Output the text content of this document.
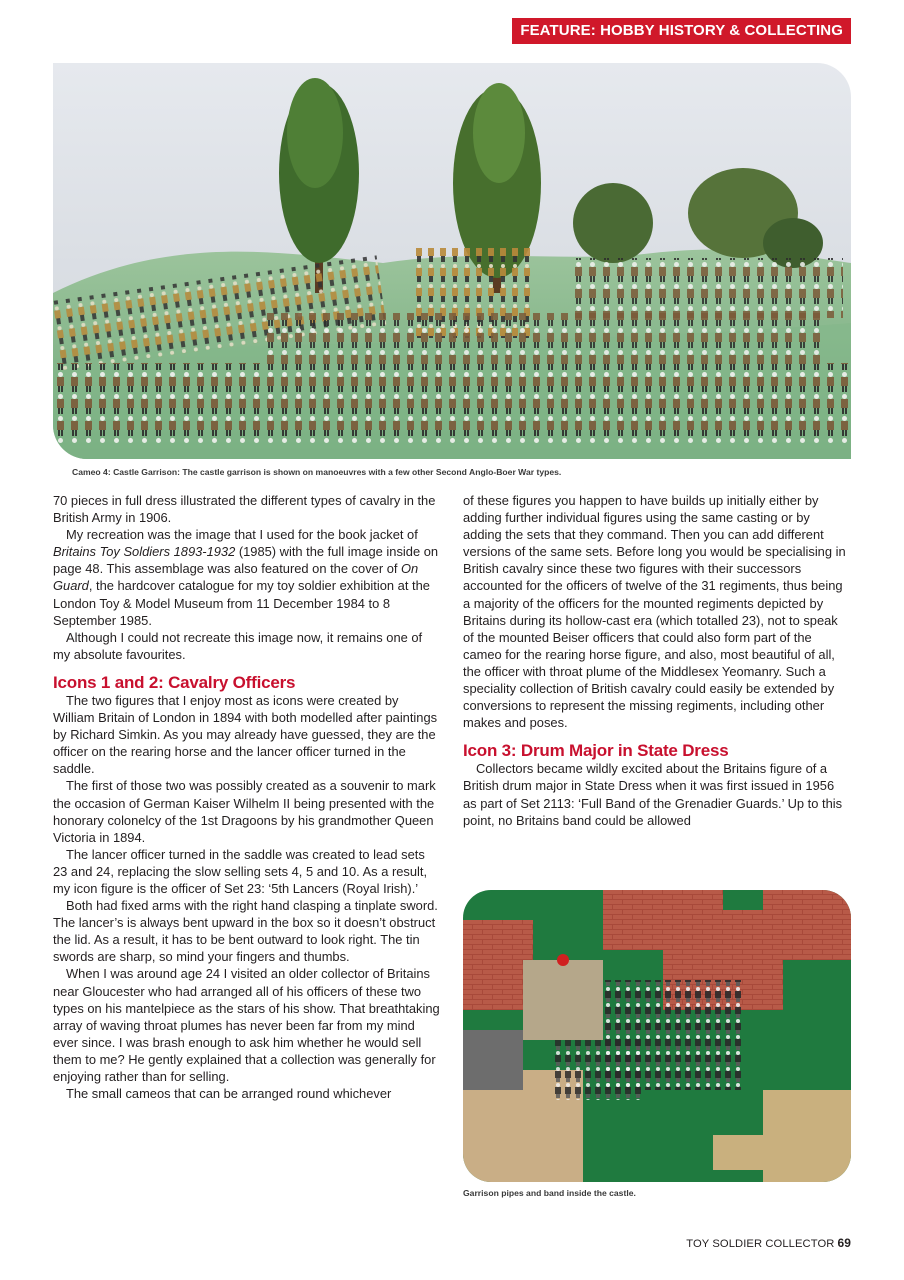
FEATURE: HOBBY HISTORY & COLLECTING
Cameo 4: Castle Garrison: The castle garrison is shown on manoeuvres with a few other Second Anglo-Boer War types.

70 pieces in full dress illustrated the different types of cavalry in the British Army in 1906.

My recreation was the image that I used for the book jacket of Britains Toy Soldiers 1893-1932 (1985) with the full image inside on page 48. This assemblage was also featured on the cover of On Guard, the hardcover catalogue for my toy soldier exhibition at the London Toy & Model Museum from 11 December 1984 to 8 September 1985.

Although I could not recreate this image now, it remains one of my absolute favourites.

Icons 1 and 2: Cavalry Officers

The two figures that I enjoy most as icons were created by William Britain of London in 1894 with both modelled after paintings by Richard Simkin. As you may already have guessed, they are the officer on the rearing horse and the lancer officer turned in the saddle.

The first of those two was possibly created as a souvenir to mark the occasion of German Kaiser Wilhelm II being presented with the honorary colonelcy of the 1st Dragoons by his grandmother Queen Victoria in 1894.

The lancer officer turned in the saddle was created to lead sets 23 and 24, replacing the slow selling sets 4, 5 and 10. As a result, my icon figure is the officer of Set 23: ‘5th Lancers (Royal Irish).’

Both had fixed arms with the right hand clasping a tinplate sword. The lancer’s is always bent upward in the box so it doesn’t obstruct the lid. As a result, it has to be bent outward to look right. The tin swords are sharp, so mind your fingers and thumbs.

When I was around age 24 I visited an older collector of Britains near Gloucester who had arranged all of his officers of these two types on his mantelpiece as the stars of his show. That breathtaking array of waving throat plumes has never been far from my mind ever since. I was brash enough to ask him whether he would sell them to me? He gently explained that a collection was generally for enjoying rather than for selling.

The small cameos that can be arranged round whichever

of these figures you happen to have builds up initially either by adding further individual figures using the same casting or by adding the sets that they command. Then you can add different versions of the same sets. Before long you would be specialising in British cavalry since these two figures with their successors accounted for the officers of twelve of the 31 regiments, thus being a majority of the officers for the mounted regiments depicted by Britains during its hollow-cast era (which totalled 23), not to speak of the mounted Beiser officers that could also form part of the cameo for the rearing horse figure, and also, most beautiful of all, the officer with throat plume of the Middlesex Yeomanry. Such a speciality collection of British cavalry could easily be extended by conversions to represent the missing regiments, including other makes and poses.

Icon 3: Drum Major in State Dress

Collectors became wildly excited about the Britains figure of a British drum major in State Dress when it was first issued in 1956 as part of Set 2113: ‘Full Band of the Grenadier Guards.’ Up to this point, no Britains band could be allowed

Garrison pipes and band inside the castle.
TOY SOLDIER COLLECTOR 69
